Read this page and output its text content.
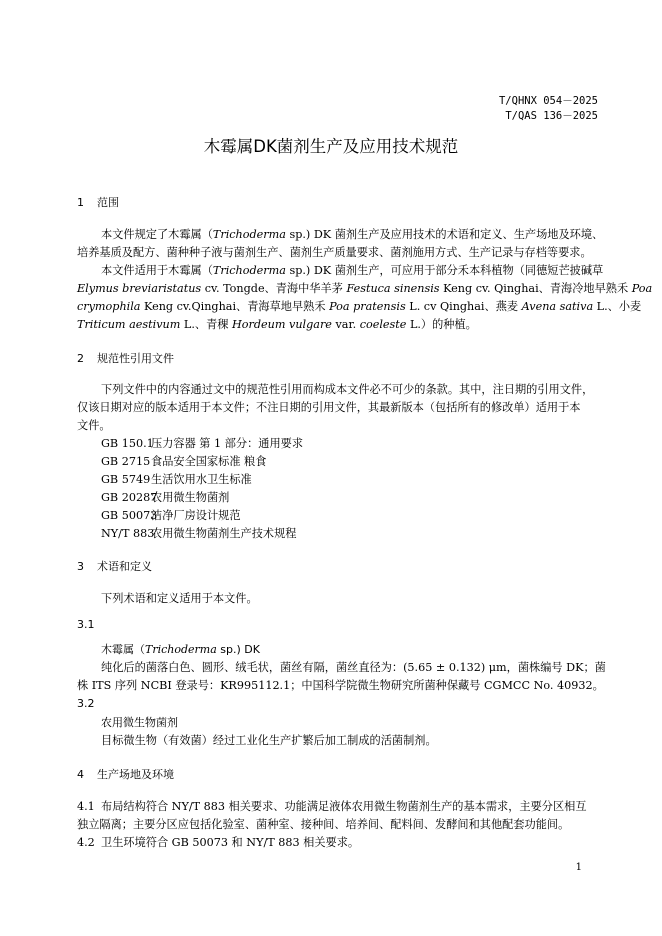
T/QHNX 054－2025
T/QAS 136－2025
木霉属DK菌剂生产及应用技术规范
1 范围
本文件规定了木霉属（Trichoderma sp.) DK 菌剂生产及应用技术的术语和定义、生产场地及环境、
培养基质及配方、菌种种子液与菌剂生产、菌剂生产质量要求、菌剂施用方式、生产记录与存档等要求。
本文件适用于木霉属（Trichoderma sp.) DK 菌剂生产，可应用于部分禾本科植物（同德短芒披碱草
Elymus breviaristatus cv. Tongde、青海中华羊茅 Festuca sinensis Keng cv. Qinghai、青海冷地早熟禾 Poa
crymophila Keng cv.Qinghai、青海草地早熟禾 Poa pratensis L. cv Qinghai、燕麦 Avena sativa L.、小麦
Triticum aestivum L.、青稞 Hordeum vulgare var. coeleste L.）的种植。
2 规范性引用文件
下列文件中的内容通过文中的规范性引用而构成本文件必不可少的条款。其中，注日期的引用文件，
仅该日期对应的版本适用于本文件；不注日期的引用文件，其最新版本（包括所有的修改单）适用于本
文件。
GB 150.1压力容器 第 1 部分：通用要求
GB 2715食品安全国家标准 粮食
GB 5749生活饮用水卫生标准
GB 20287农用微生物菌剂
GB 50073洁净厂房设计规范
NY/T 883农用微生物菌剂生产技术规程
3 术语和定义
下列术语和定义适用于本文件。
3.1
木霉属（Trichoderma sp.) DK
纯化后的菌落白色、圆形、绒毛状，菌丝有隔，菌丝直径为：(5.65 ± 0.132) μm，菌株编号 DK；菌
株 ITS 序列 NCBI 登录号：KR995112.1；中国科学院微生物研究所菌种保藏号 CGMCC No. 40932。
3.2
农用微生物菌剂
目标微生物（有效菌）经过工业化生产扩繁后加工制成的活菌制剂。
4 生产场地及环境
4.1 布局结构符合 NY/T 883 相关要求、功能满足液体农用微生物菌剂生产的基本需求，主要分区相互
独立隔离；主要分区应包括化验室、菌种室、接种间、培养间、配料间、发酵间和其他配套功能间。
4.2 卫生环境符合 GB 50073 和 NY/T 883 相关要求。
1
